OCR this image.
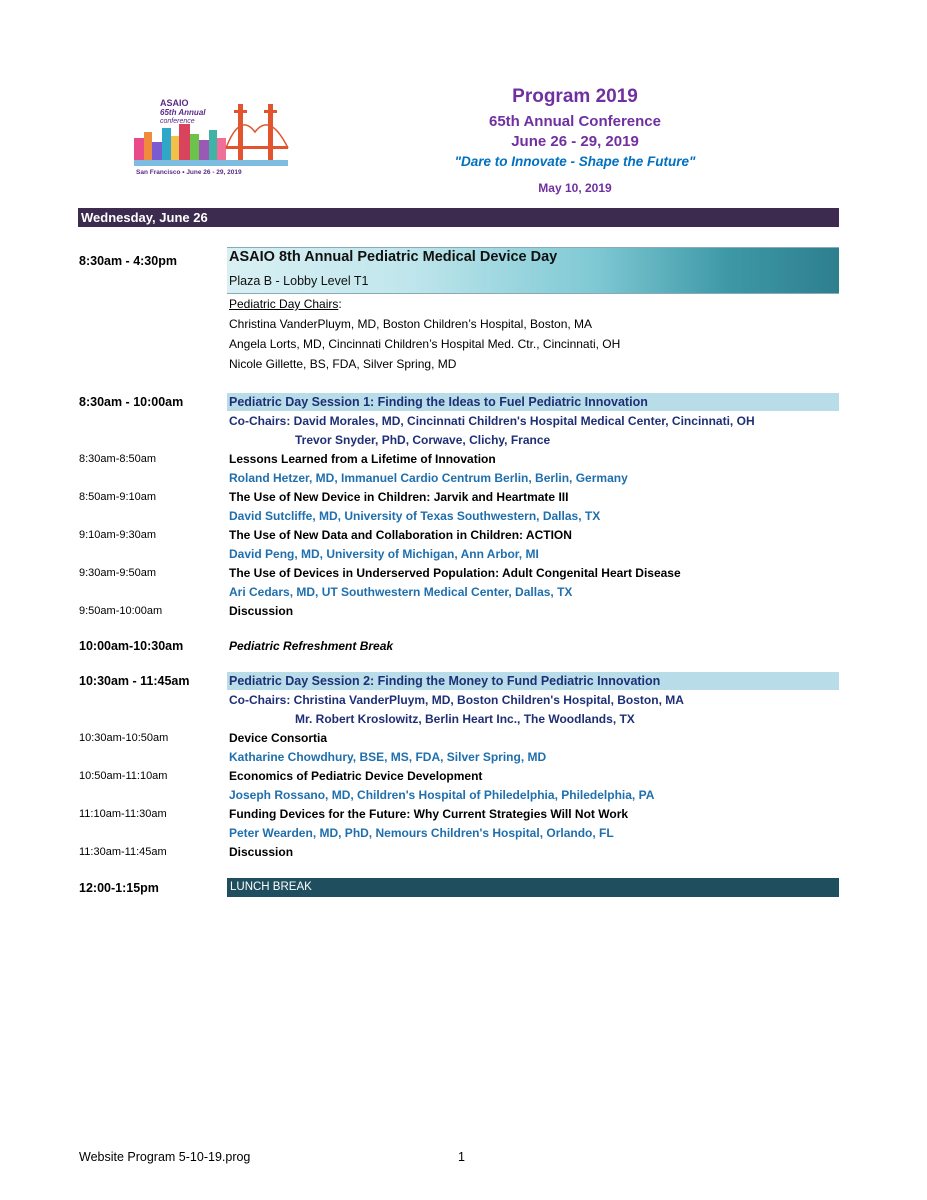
ASAIO
65th Annual
conference
San Francisco • June 26 - 29, 2019
Program 2019
65th Annual Conference
June 26 - 29, 2019
"Dare to Innovate - Shape the Future"
May 10, 2019
Wednesday, June 26
8:30am - 4:30pm	ASAIO 8th Annual Pediatric Medical Device Day
Plaza B - Lobby Level T1
Pediatric Day Chairs:
Christina VanderPluym, MD, Boston Children’s Hospital, Boston, MA
Angela Lorts, MD, Cincinnati Children’s Hospital Med. Ctr., Cincinnati, OH
Nicole Gillette, BS, FDA, Silver Spring, MD
8:30am - 10:00am	Pediatric Day Session 1: Finding the Ideas to Fuel Pediatric Innovation
Co-Chairs: David Morales, MD, Cincinnati Children's Hospital Medical Center, Cincinnati, OH
Trevor Snyder, PhD, Corwave, Clichy, France
8:30am-8:50am	Lessons Learned from a Lifetime of Innovation
Roland Hetzer, MD, Immanuel Cardio Centrum Berlin, Berlin, Germany
8:50am-9:10am	The Use of New Device in Children: Jarvik and Heartmate III
David Sutcliffe, MD, University of Texas Southwestern, Dallas, TX
9:10am-9:30am	The Use of New Data and Collaboration in Children: ACTION
David Peng, MD, University of Michigan, Ann Arbor, MI
9:30am-9:50am	The Use of Devices in Underserved Population: Adult Congenital Heart Disease
Ari Cedars, MD, UT Southwestern Medical Center, Dallas, TX
9:50am-10:00am	Discussion
10:00am-10:30am	Pediatric Refreshment Break
10:30am - 11:45am	Pediatric Day Session 2: Finding the Money to Fund Pediatric Innovation
Co-Chairs: Christina VanderPluym, MD, Boston Children's Hospital, Boston, MA
Mr. Robert Kroslowitz, Berlin Heart Inc., The Woodlands, TX
10:30am-10:50am	Device Consortia
Katharine Chowdhury, BSE, MS, FDA, Silver Spring, MD
10:50am-11:10am	Economics of Pediatric Device Development
Joseph Rossano, MD, Children's Hospital of Philedelphia, Philedelphia, PA
11:10am-11:30am	Funding Devices for the Future: Why Current Strategies Will Not Work
Peter Wearden, MD, PhD, Nemours Children's Hospital, Orlando, FL
11:30am-11:45am	Discussion
12:00-1:15pm	LUNCH BREAK
Website Program 5-10-19.prog	1
